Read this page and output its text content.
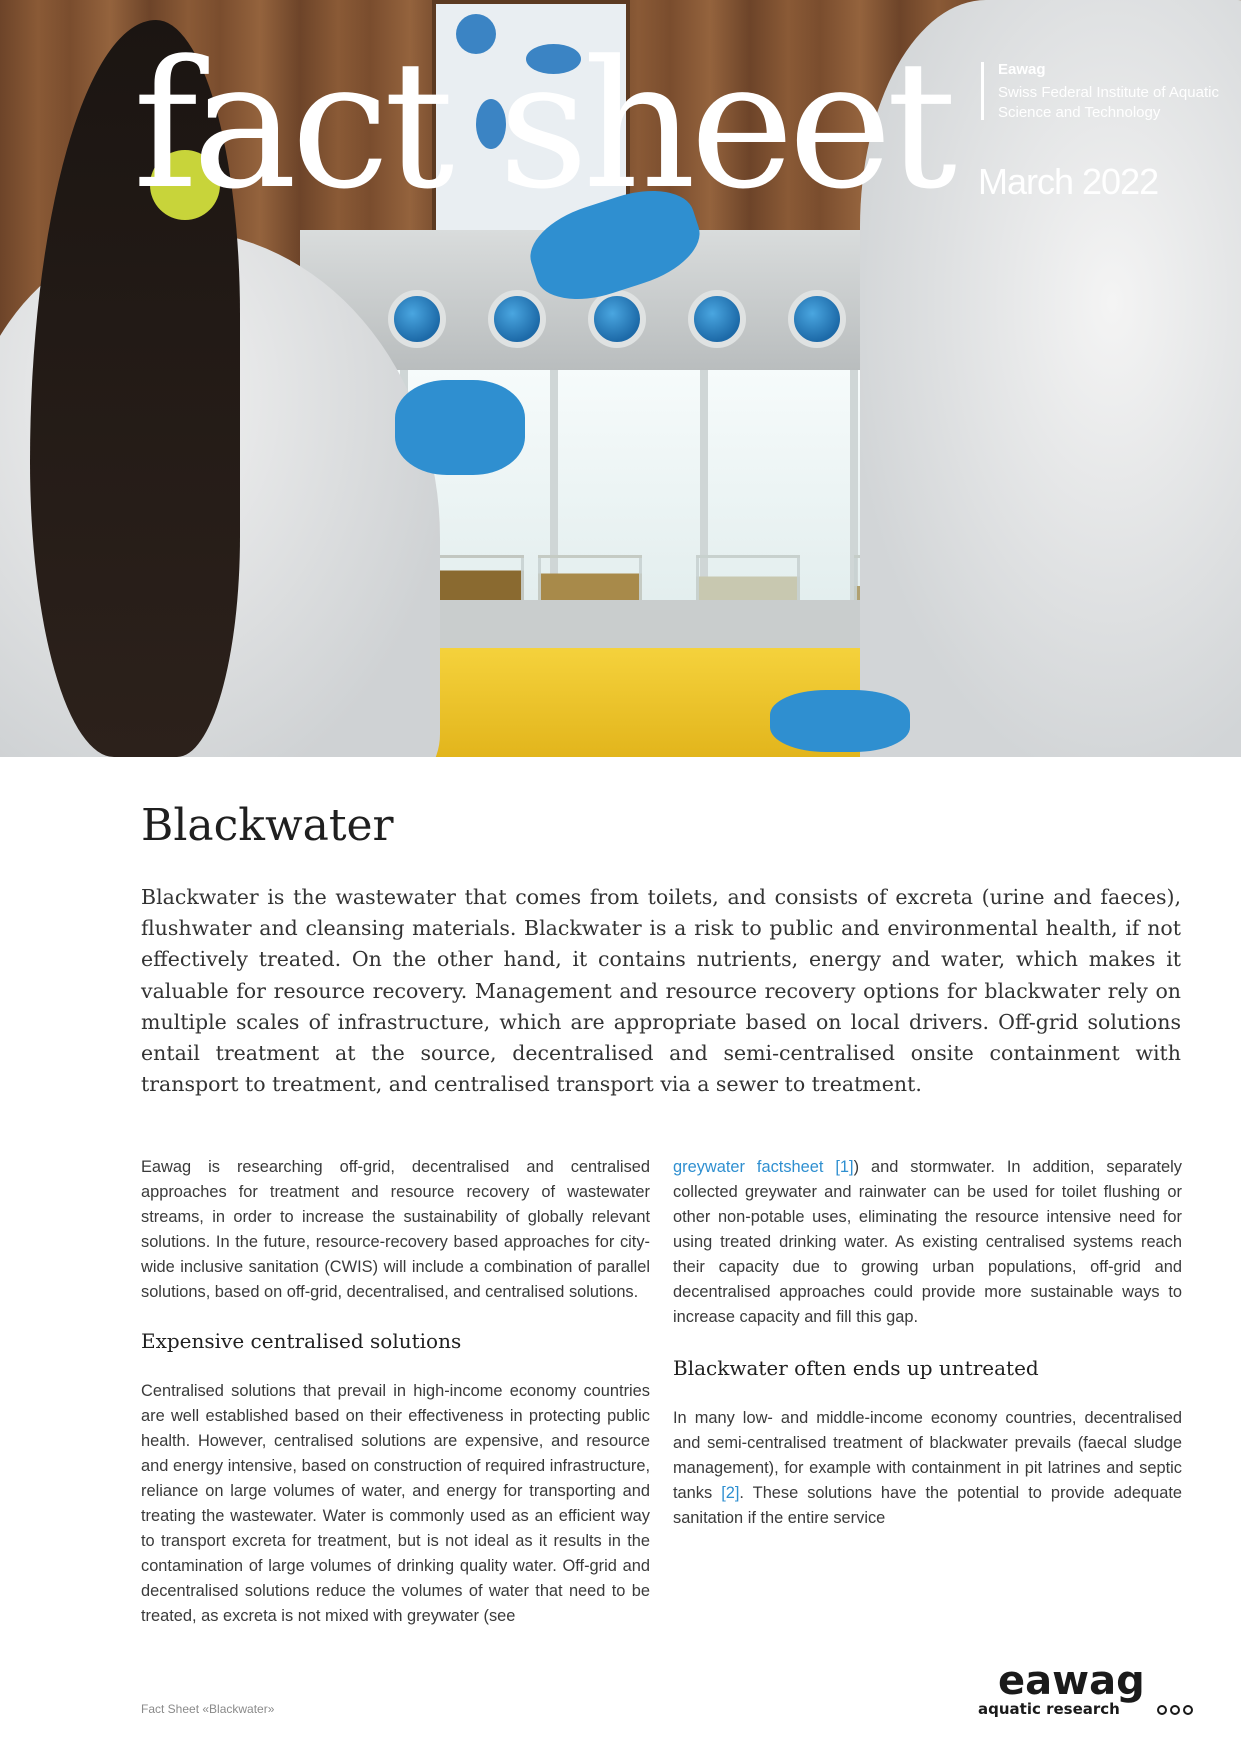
fact sheet	Eawag
Swiss Federal Institute of Aquatic Science and Technology
March 2022
Blackwater

Blackwater is the wastewater that comes from toilets, and consists of excreta (urine and faeces), flushwater and cleansing materials. Blackwater is a risk to public and environmental health, if not effectively treated. On the other hand, it contains nutrients, energy and water, which makes it valuable for resource recovery. Management and resource recovery options for blackwater rely on multiple scales of infrastructure, which are appropriate based on local drivers. Off-grid solutions entail treatment at the source, decentralised and semi-centralised onsite containment with transport to treatment, and centralised transport via a sewer to treatment.

Eawag is researching off-grid, decentralised and centralised approaches for treatment and resource recovery of wastewater streams, in order to increase the sustainability of globally relevant solutions. In the future, resource-recovery based approaches for city-wide inclusive sanitation (CWIS) will include a combination of parallel solutions, based on off-grid, decentralised, and centralised solutions.

Expensive centralised solutions

Centralised solutions that prevail in high-income economy countries are well established based on their effectiveness in protecting public health. However, centralised solutions are expensive, and resource and energy intensive, based on construction of required infrastructure, reliance on large volumes of water, and energy for transporting and treating the wastewater. Water is commonly used as an efficient way to transport excreta for treatment, but is not ideal as it results in the contamination of large volumes of drinking quality water. Off-grid and decentralised solutions reduce the volumes of water that need to be treated, as excreta is not mixed with greywater (see

greywater factsheet [1]) and stormwater. In addition, separately collected greywater and rainwater can be used for toilet flushing or other non-potable uses, eliminating the resource intensive need for using treated drinking water. As existing centralised systems reach their capacity due to growing urban populations, off-grid and decentralised approaches could provide more sustainable ways to increase capacity and fill this gap.

Blackwater often ends up untreated

In many low- and middle-income economy countries, decentralised and semi-centralised treatment of blackwater prevails (faecal sludge management), for example with containment in pit latrines and septic tanks [2]. These solutions have the potential to provide adequate sanitation if the entire service

Fact Sheet «Blackwater»
eawag
aquatic research
